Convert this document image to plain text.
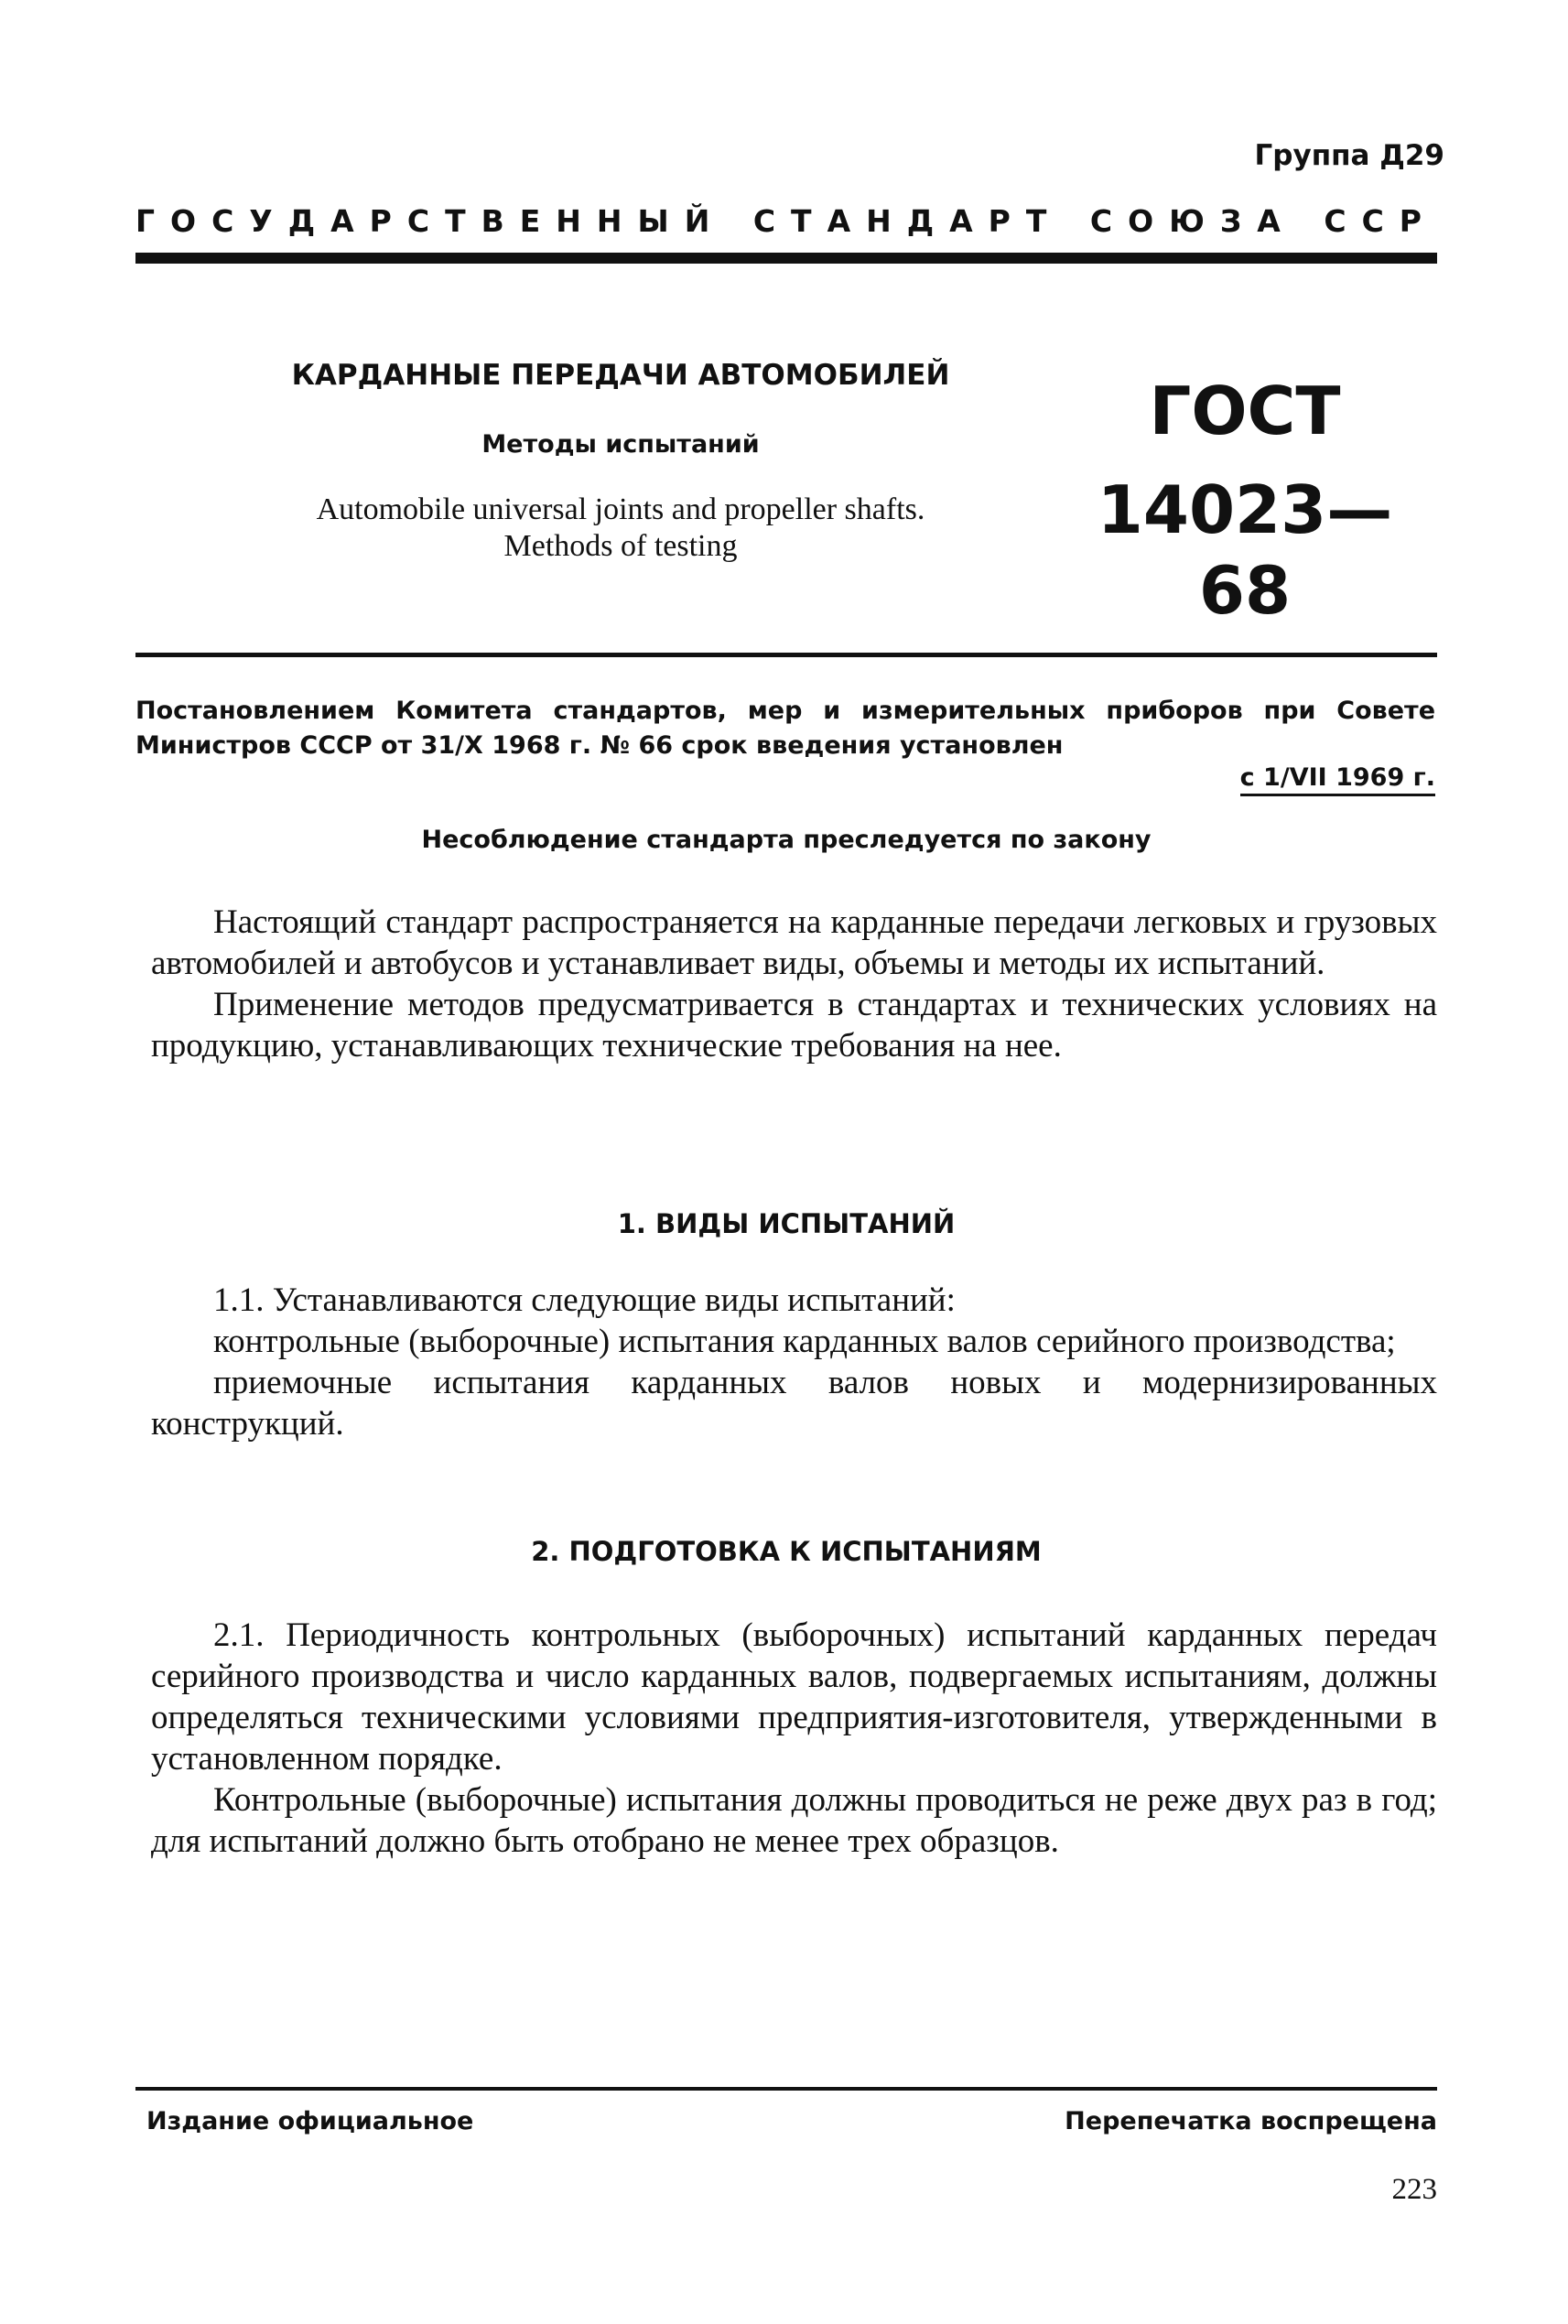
Группа Д29
ГОСУДАРСТВЕННЫЙ СТАНДАРТ СОЮЗА ССР
КАРДАННЫЕ ПЕРЕДАЧИ АВТОМОБИЛЕЙ
Методы испытаний
Automobile universal joints and propeller shafts.
Methods of testing
ГОСТ
14023—68
Постановлением Комитета стандартов, мер и измерительных приборов при Совете Министров СССР от 31/X 1968 г. № 66 срок введения установлен
с 1/VII 1969 г.
Несоблюдение стандарта преследуется по закону

Настоящий стандарт распространяется на карданные передачи легковых и грузовых автомобилей и автобусов и устанавливает виды, объемы и методы их испытаний.

Применение методов предусматривается в стандартах и технических условиях на продукцию, устанавливающих технические требования на нее.

1. ВИДЫ ИСПЫТАНИЙ

1.1. Устанавливаются следующие виды испытаний:

контрольные (выборочные) испытания карданных валов серийного производства;

приемочные испытания карданных валов новых и модернизированных конструкций.

2. ПОДГОТОВКА К ИСПЫТАНИЯМ

2.1. Периодичность контрольных (выборочных) испытаний карданных передач серийного производства и число карданных валов, подвергаемых испытаниям, должны определяться техническими условиями предприятия-изготовителя, утвержденными в установленном порядке.

Контрольные (выборочные) испытания должны проводиться не реже двух раз в год; для испытаний должно быть отобрано не менее трех образцов.

Издание официальное	Перепечатка воспрещена
223
